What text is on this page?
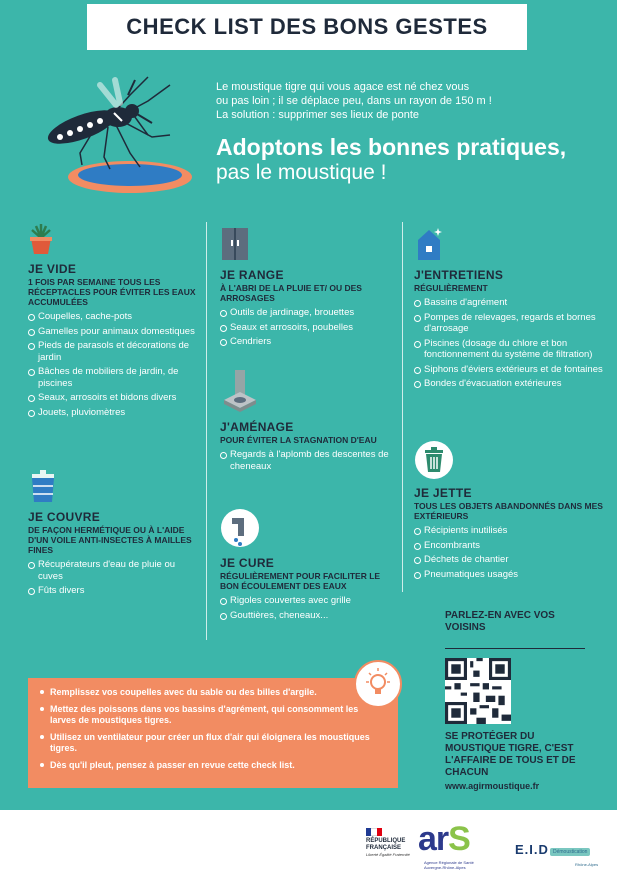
CHECK LIST DES BONS GESTES

Le moustique tigre qui vous agace est né chez vous

ou pas loin ; il se déplace peu, dans un rayon de 150 m !

La solution : supprimer ses lieux de ponte

Adoptons les bonnes pratiques,
pas le moustique !
JE VIDE
1 FOIS PAR SEMAINE TOUS LES RÉCEPTACLES POUR ÉVITER LES EAUX ACCUMULÉES
Coupelles, cache-pots
Gamelles pour animaux domestiques
Pieds de parasols et décorations de jardin
Bâches de mobiliers de jardin, de piscines
Seaux, arrosoirs et bidons divers
Jouets, pluviomètres
JE COUVRE
DE FAÇON HERMÉTIQUE OU À L'AIDE D'UN VOILE ANTI-INSECTES À MAILLES FINES
Récupérateurs d'eau de pluie ou cuves
Fûts divers
JE RANGE
À L'ABRI DE LA PLUIE ET/ OU DES ARROSAGES
Outils de jardinage, brouettes
Seaux et arrosoirs, poubelles
Cendriers
J'AMÉNAGE
POUR ÉVITER LA STAGNATION D'EAU
Regards à l'aplomb des descentes de cheneaux
JE CURE
RÉGULIÈREMENT POUR FACILITER LE BON ÉCOULEMENT DES EAUX
Rigoles couvertes avec grille
Gouttières, cheneaux...
J'ENTRETIENS
RÉGULIÈREMENT
Bassins d'agrément
Pompes de relevages, regards et bornes d'arrosage
Piscines (dosage du chlore et bon fonctionnement du système de filtration)
Siphons d'éviers extérieurs et de fontaines
Bondes d'évacuation extérieures
JE JETTE
TOUS LES OBJETS ABANDONNÉS DANS MES EXTÉRIEURS
Récipients inutilisés
Encombrants
Déchets de chantier
Pneumatiques usagés
Remplissez vos coupelles avec du sable ou des billes d'argile.
Mettez des poissons dans vos bassins d'agrément, qui consomment les larves de moustiques tigres.
Utilisez un ventilateur pour créer un flux d'air qui éloignera les moustiques tigres.
Dès qu'il pleut, pensez à passer en revue cette check list.
PARLEZ-EN AVEC VOS VOISINS
SE PROTÉGER DU MOUSTIQUE TIGRE, C'EST L'AFFAIRE DE TOUS ET DE CHACUN
www.agirmoustique.fr
RÉPUBLIQUE
FRANÇAISE
Liberté Égalité Fraternité arS
Agence Régionale de Santé Auvergne-Rhône-Alpes
E.I.D Démoustication
Rhône-Alpes
